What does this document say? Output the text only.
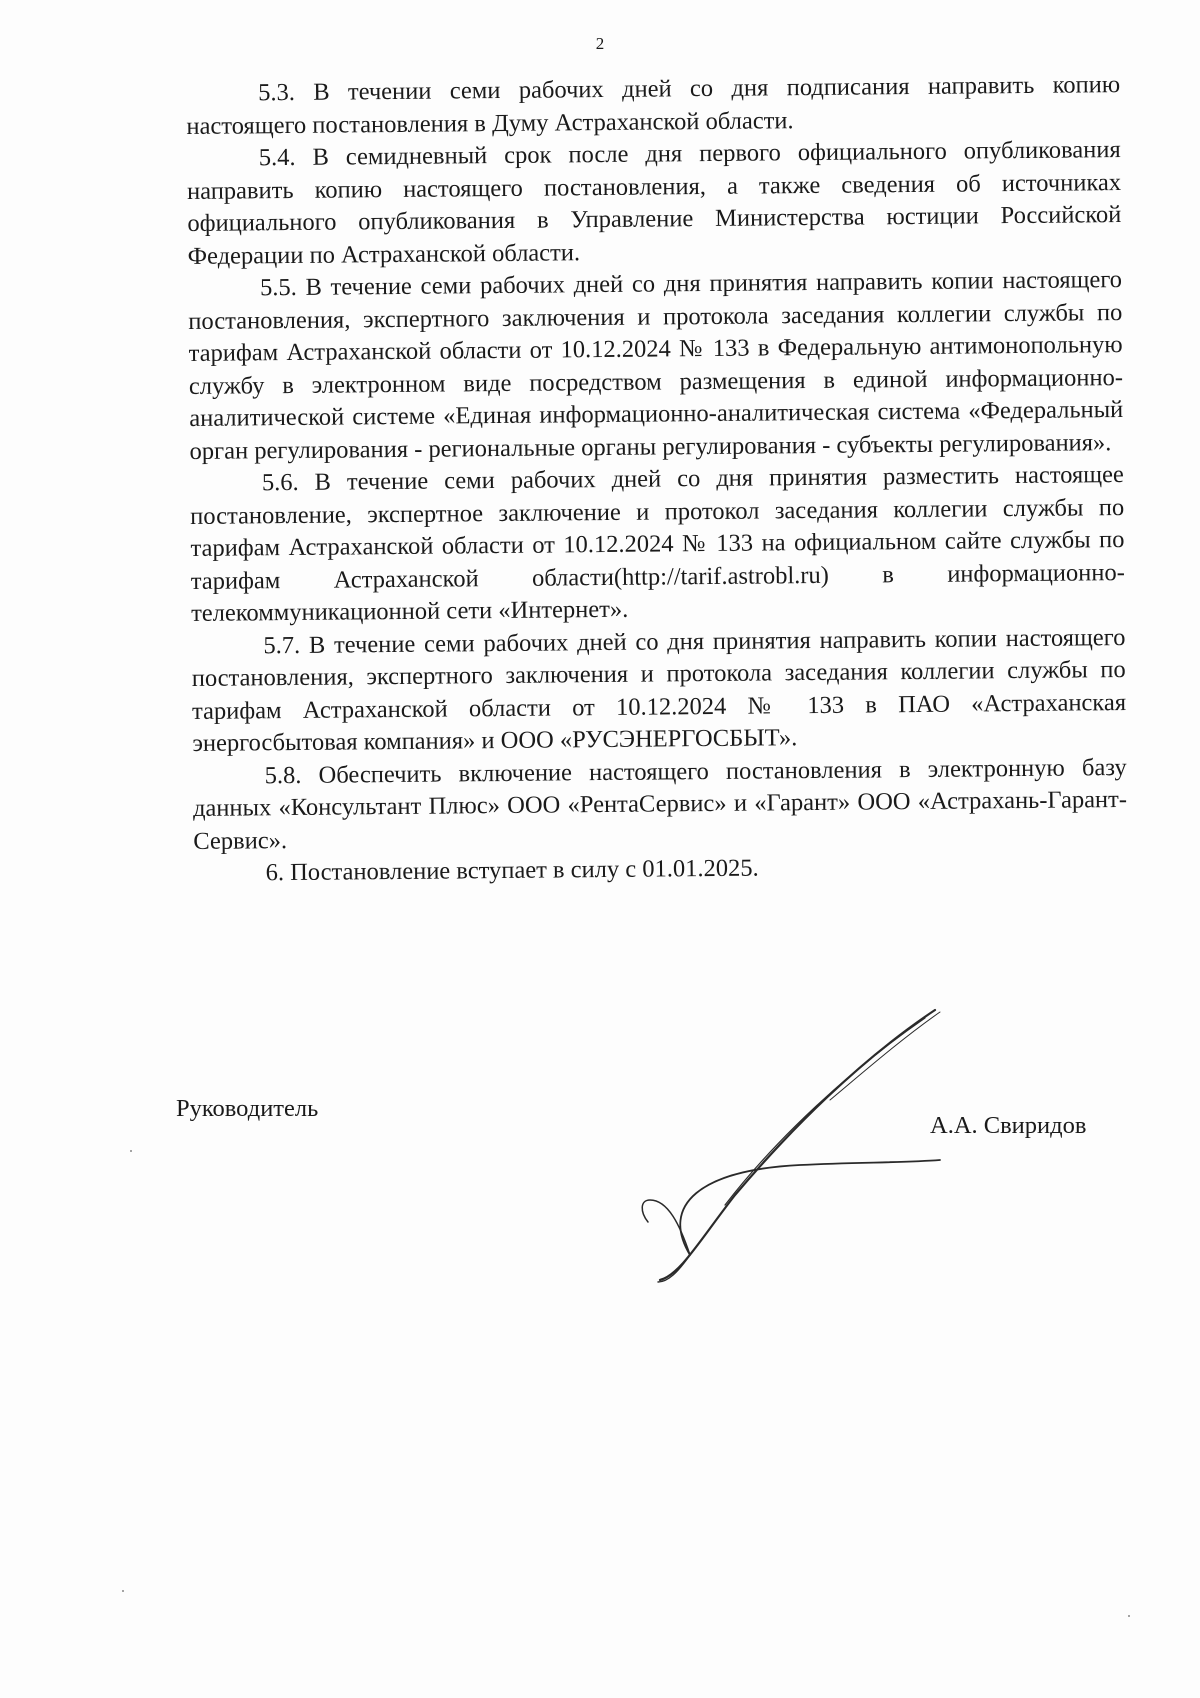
2

5.3. В течении семи рабочих дней со дня подписания направить копию настоящего постановления в Думу Астраханской области.

5.4. В семидневный срок после дня первого официального опубликования направить копию настоящего постановления, а также сведения об источниках официального опубликования в Управление Министерства юстиции Российской Федерации по Астраханской области.

5.5. В течение семи рабочих дней со дня принятия направить копии настоящего постановления, экспертного заключения и протокола заседания коллегии службы по тарифам Астраханской области от 10.12.2024 № 133 в Федеральную антимонопольную службу в электронном виде посредством размещения в единой информационно-аналитической системе «Единая информационно-аналитическая система «Федеральный орган регулирования - региональные органы регулирования - субъекты регулирования».

5.6. В течение семи рабочих дней со дня принятия разместить настоящее постановление, экспертное заключение и протокол заседания коллегии службы по тарифам Астраханской области от 10.12.2024 № 133 на официальном сайте службы по тарифам Астраханской области(http://tarif.astrobl.ru) в информационно-телекоммуникационной сети «Интернет».

5.7. В течение семи рабочих дней со дня принятия направить копии настоящего постановления, экспертного заключения и протокола заседания коллегии службы по тарифам Астраханской области от 10.12.2024 № 133 в ПАО «Астраханская энергосбытовая компания» и ООО «РУСЭНЕРГОСБЫТ».

5.8. Обеспечить включение настоящего постановления в электронную базу данных «Консультант Плюс» ООО «РентаСервис» и «Гарант» ООО «Астрахань-Гарант-Сервис».

6. Постановление вступает в силу с 01.01.2025.

Руководитель
А.А. Свиридов
